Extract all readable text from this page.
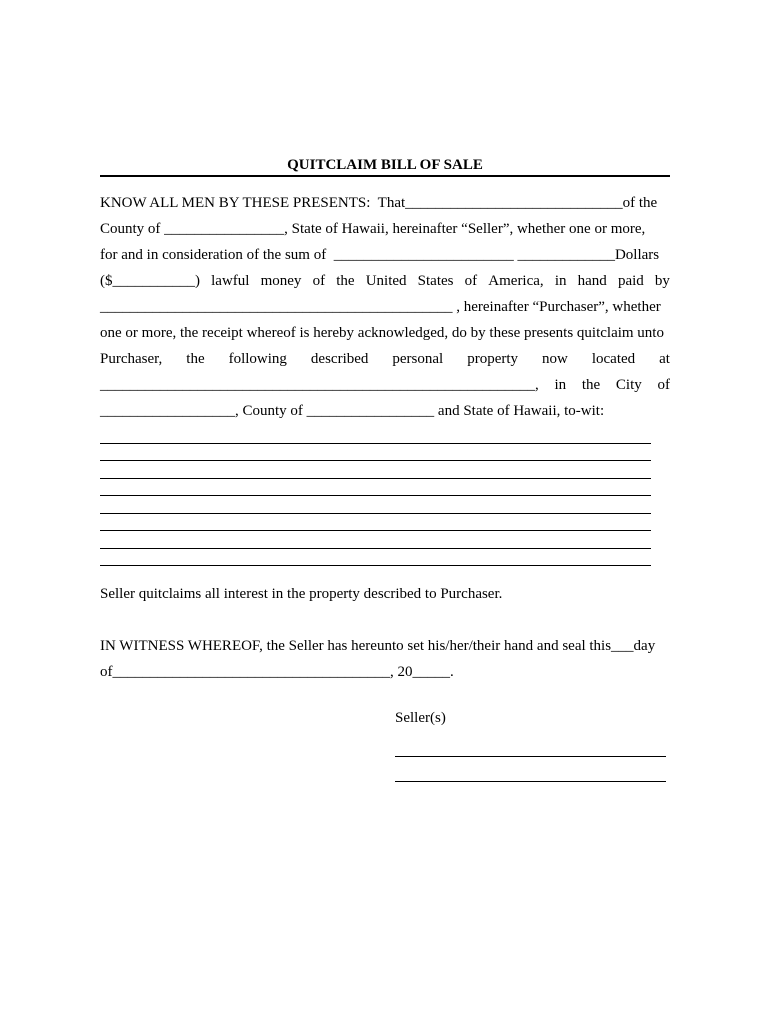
QUITCLAIM BILL OF SALE
KNOW ALL MEN BY THESE PRESENTS:  That_____________________________of the
County of ________________, State of Hawaii, hereinafter “Seller”, whether one or more,
for and in consideration of the sum of  ________________________ _____________Dollars
($___________) lawful money of the United States of America, in hand paid by
_______________________________________________ , hereinafter “Purchaser”, whether
one or more, the receipt whereof is hereby acknowledged, do by these presents quitclaim unto
Purchaser, the following described personal property now located at
__________________________________________________________, in the City of
__________________, County of _________________ and State of Hawaii, to-wit:
Seller quitclaims all interest in the property described to Purchaser.
IN WITNESS WHEREOF, the Seller has hereunto set his/her/their hand and seal this___day
of_____________________________________, 20_____.
Seller(s)
